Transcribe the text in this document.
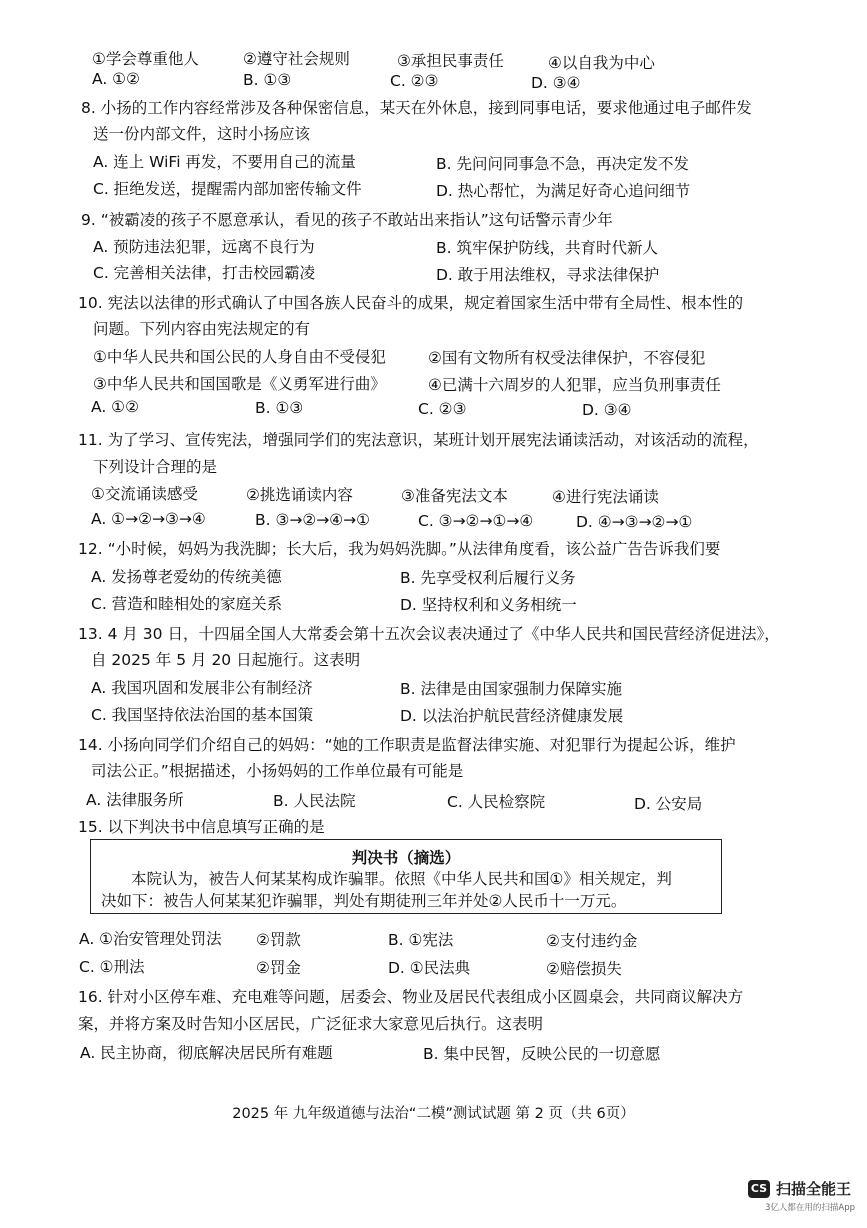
①学会尊重他人	②遵守社会规则	③承担民事责任	④以自我为中心
A. ①②	B. ①③	C. ②③	D. ③④
8. 小扬的工作内容经常涉及各种保密信息，某天在外休息，接到同事电话，要求他通过电子邮件发
送一份内部文件，这时小扬应该
A. 连上 WiFi 再发，不要用自己的流量	B. 先问问同事急不急，再决定发不发
C. 拒绝发送，提醒需内部加密传输文件	D. 热心帮忙，为满足好奇心追问细节
9. “被霸凌的孩子不愿意承认，看见的孩子不敢站出来指认”这句话警示青少年
A. 预防违法犯罪，远离不良行为	B. 筑牢保护防线，共育时代新人
C. 完善相关法律，打击校园霸凌	D. 敢于用法维权，寻求法律保护
10. 宪法以法律的形式确认了中国各族人民奋斗的成果，规定着国家生活中带有全局性、根本性的
问题。下列内容由宪法规定的有
①中华人民共和国公民的人身自由不受侵犯	②国有文物所有权受法律保护，不容侵犯
③中华人民共和国国歌是《义勇军进行曲》	④已满十六周岁的人犯罪，应当负刑事责任
A. ①②	B. ①③	C. ②③	D. ③④
11. 为了学习、宣传宪法，增强同学们的宪法意识，某班计划开展宪法诵读活动，对该活动的流程，
下列设计合理的是
①交流诵读感受	②挑选诵读内容	③准备宪法文本	④进行宪法诵读
A. ①→②→③→④	B. ③→②→④→①	C. ③→②→①→④	D. ④→③→②→①
12. “小时候，妈妈为我洗脚；长大后，我为妈妈洗脚。”从法律角度看，该公益广告告诉我们要
A. 发扬尊老爱幼的传统美德	B. 先享受权利后履行义务
C. 营造和睦相处的家庭关系	D. 坚持权利和义务相统一
13. 4 月 30 日，十四届全国人大常委会第十五次会议表决通过了《中华人民共和国民营经济促进法》，
自 2025 年 5 月 20 日起施行。这表明
A. 我国巩固和发展非公有制经济	B. 法律是由国家强制力保障实施
C. 我国坚持依法治国的基本国策	D. 以法治护航民营经济健康发展
14. 小扬向同学们介绍自己的妈妈：“她的工作职责是监督法律实施、对犯罪行为提起公诉，维护
司法公正。”根据描述，小扬妈妈的工作单位最有可能是
A. 法律服务所	B. 人民法院	C. 人民检察院	D. 公安局
15. 以下判决书中信息填写正确的是
判决书（摘选）
本院认为，被告人何某某构成诈骗罪。依照《中华人民共和国①》相关规定，判
决如下：被告人何某某犯诈骗罪，判处有期徒刑三年并处②人民币十一万元。
A. ①治安管理处罚法 ②罚款	B. ①宪法	②支付违约金
C. ①刑法	②罚金	D. ①民法典	②赔偿损失
16. 针对小区停车难、充电难等问题，居委会、物业及居民代表组成小区圆桌会，共同商议解决方
案，并将方案及时告知小区居民，广泛征求大家意见后执行。这表明
A. 民主协商，彻底解决居民所有难题	B. 集中民智，反映公民的一切意愿
2025 年 九年级道德与法治“二模”测试试题 第 2 页（共 6页）
CS 扫描全能王
3亿人都在用的扫描App
